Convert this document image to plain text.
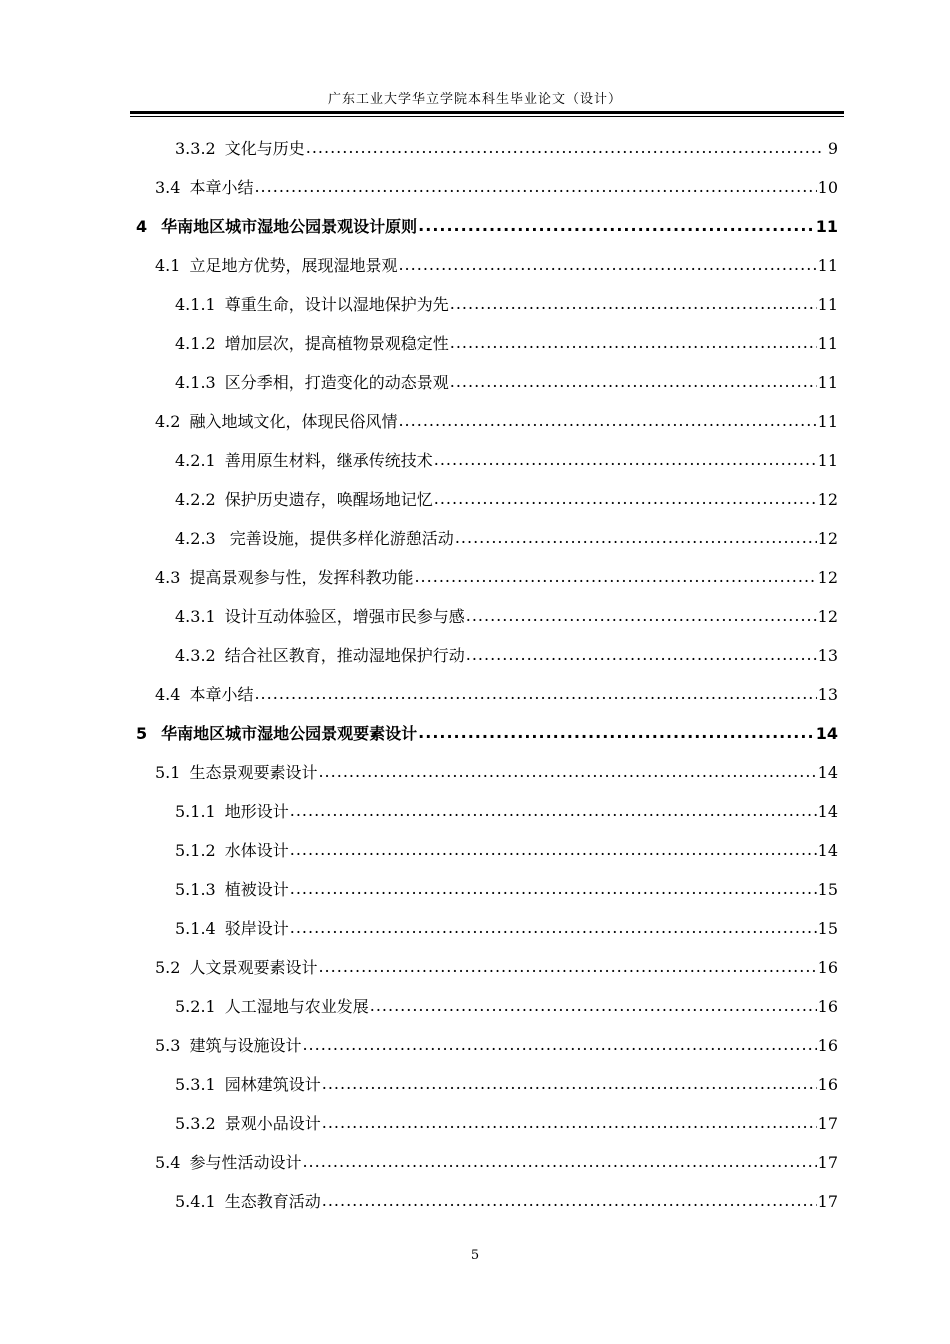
广东工业大学华立学院本科生毕业论文（设计）
3.3.2 文化与历史 .....	9
3.4 本章小结 .....	10
4 华南地区城市湿地公园景观设计原则 .....	11
4.1 立足地方优势，展现湿地景观 .....	11
4.1.1 尊重生命，设计以湿地保护为先 .....	11
4.1.2 增加层次，提高植物景观稳定性 .....	11
4.1.3 区分季相，打造变化的动态景观 .....	11
4.2 融入地域文化，体现民俗风情 .....	11
4.2.1 善用原生材料，继承传统技术 .....	11
4.2.2 保护历史遗存，唤醒场地记忆 .....	12
4.2.3 完善设施，提供多样化游憩活动 .....	12
4.3 提高景观参与性，发挥科教功能 .....	12
4.3.1 设计互动体验区，增强市民参与感 .....	12
4.3.2 结合社区教育，推动湿地保护行动 .....	13
4.4 本章小结 .....	13
5 华南地区城市湿地公园景观要素设计 .....	14
5.1 生态景观要素设计 .....	14
5.1.1 地形设计 .....	14
5.1.2 水体设计 .....	14
5.1.3 植被设计 .....	15
5.1.4 驳岸设计 .....	15
5.2 人文景观要素设计 .....	16
5.2.1 人工湿地与农业发展 .....	16
5.3 建筑与设施设计 .....	16
5.3.1 园林建筑设计 .....	16
5.3.2 景观小品设计 .....	17
5.4 参与性活动设计 .....	17
5.4.1 生态教育活动 .....	17
5
